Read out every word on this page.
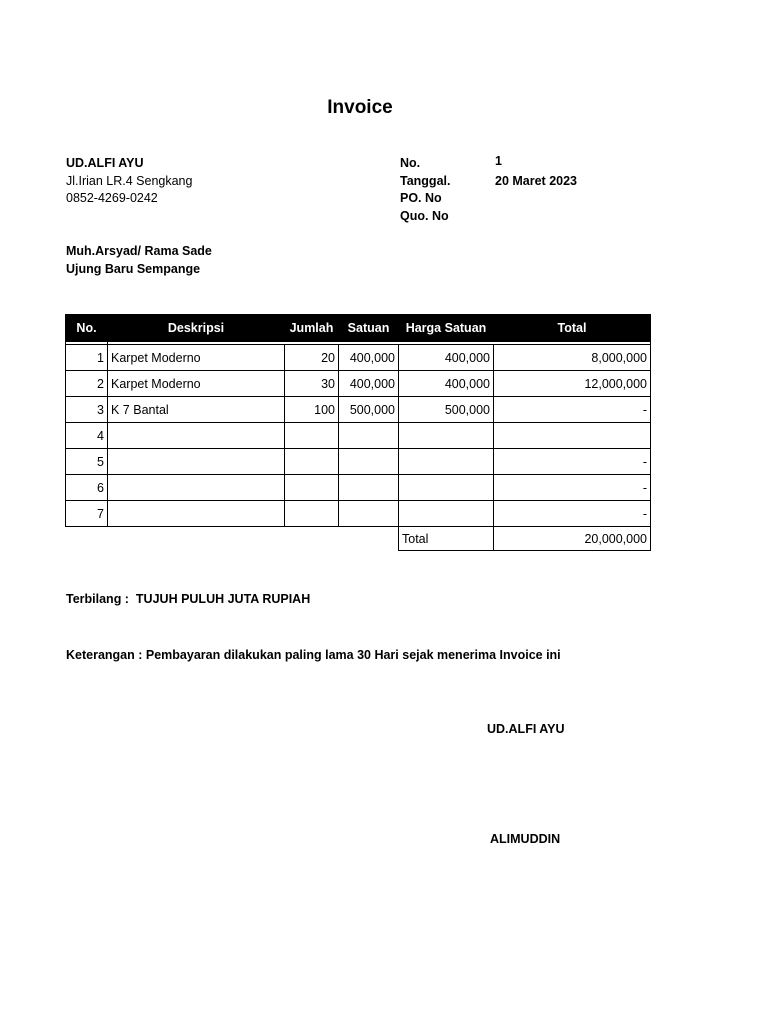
Invoice
UD.ALFI AYU
Jl.Irian LR.4 Sengkang
0852-4269-0242
No.	1
Tanggal.	20 Maret 2023
PO. No
Quo. No
Muh.Arsyad/ Rama Sade
Ujung Baru Sempange
No.	Deskripsi	Jumlah	Satuan	Harga Satuan	Total

1	Karpet Moderno	20	400,000	400,000	8,000,000
2	Karpet Moderno	30	400,000	400,000	12,000,000
3	K 7 Bantal	100	500,000	500,000	-
4					
5					-
6					-
7					-
				Total	20,000,000
Terbilang : TUJUH PULUH JUTA RUPIAH
Keterangan : Pembayaran dilakukan paling lama 30 Hari sejak menerima Invoice ini
UD.ALFI AYU
ALIMUDDIN
